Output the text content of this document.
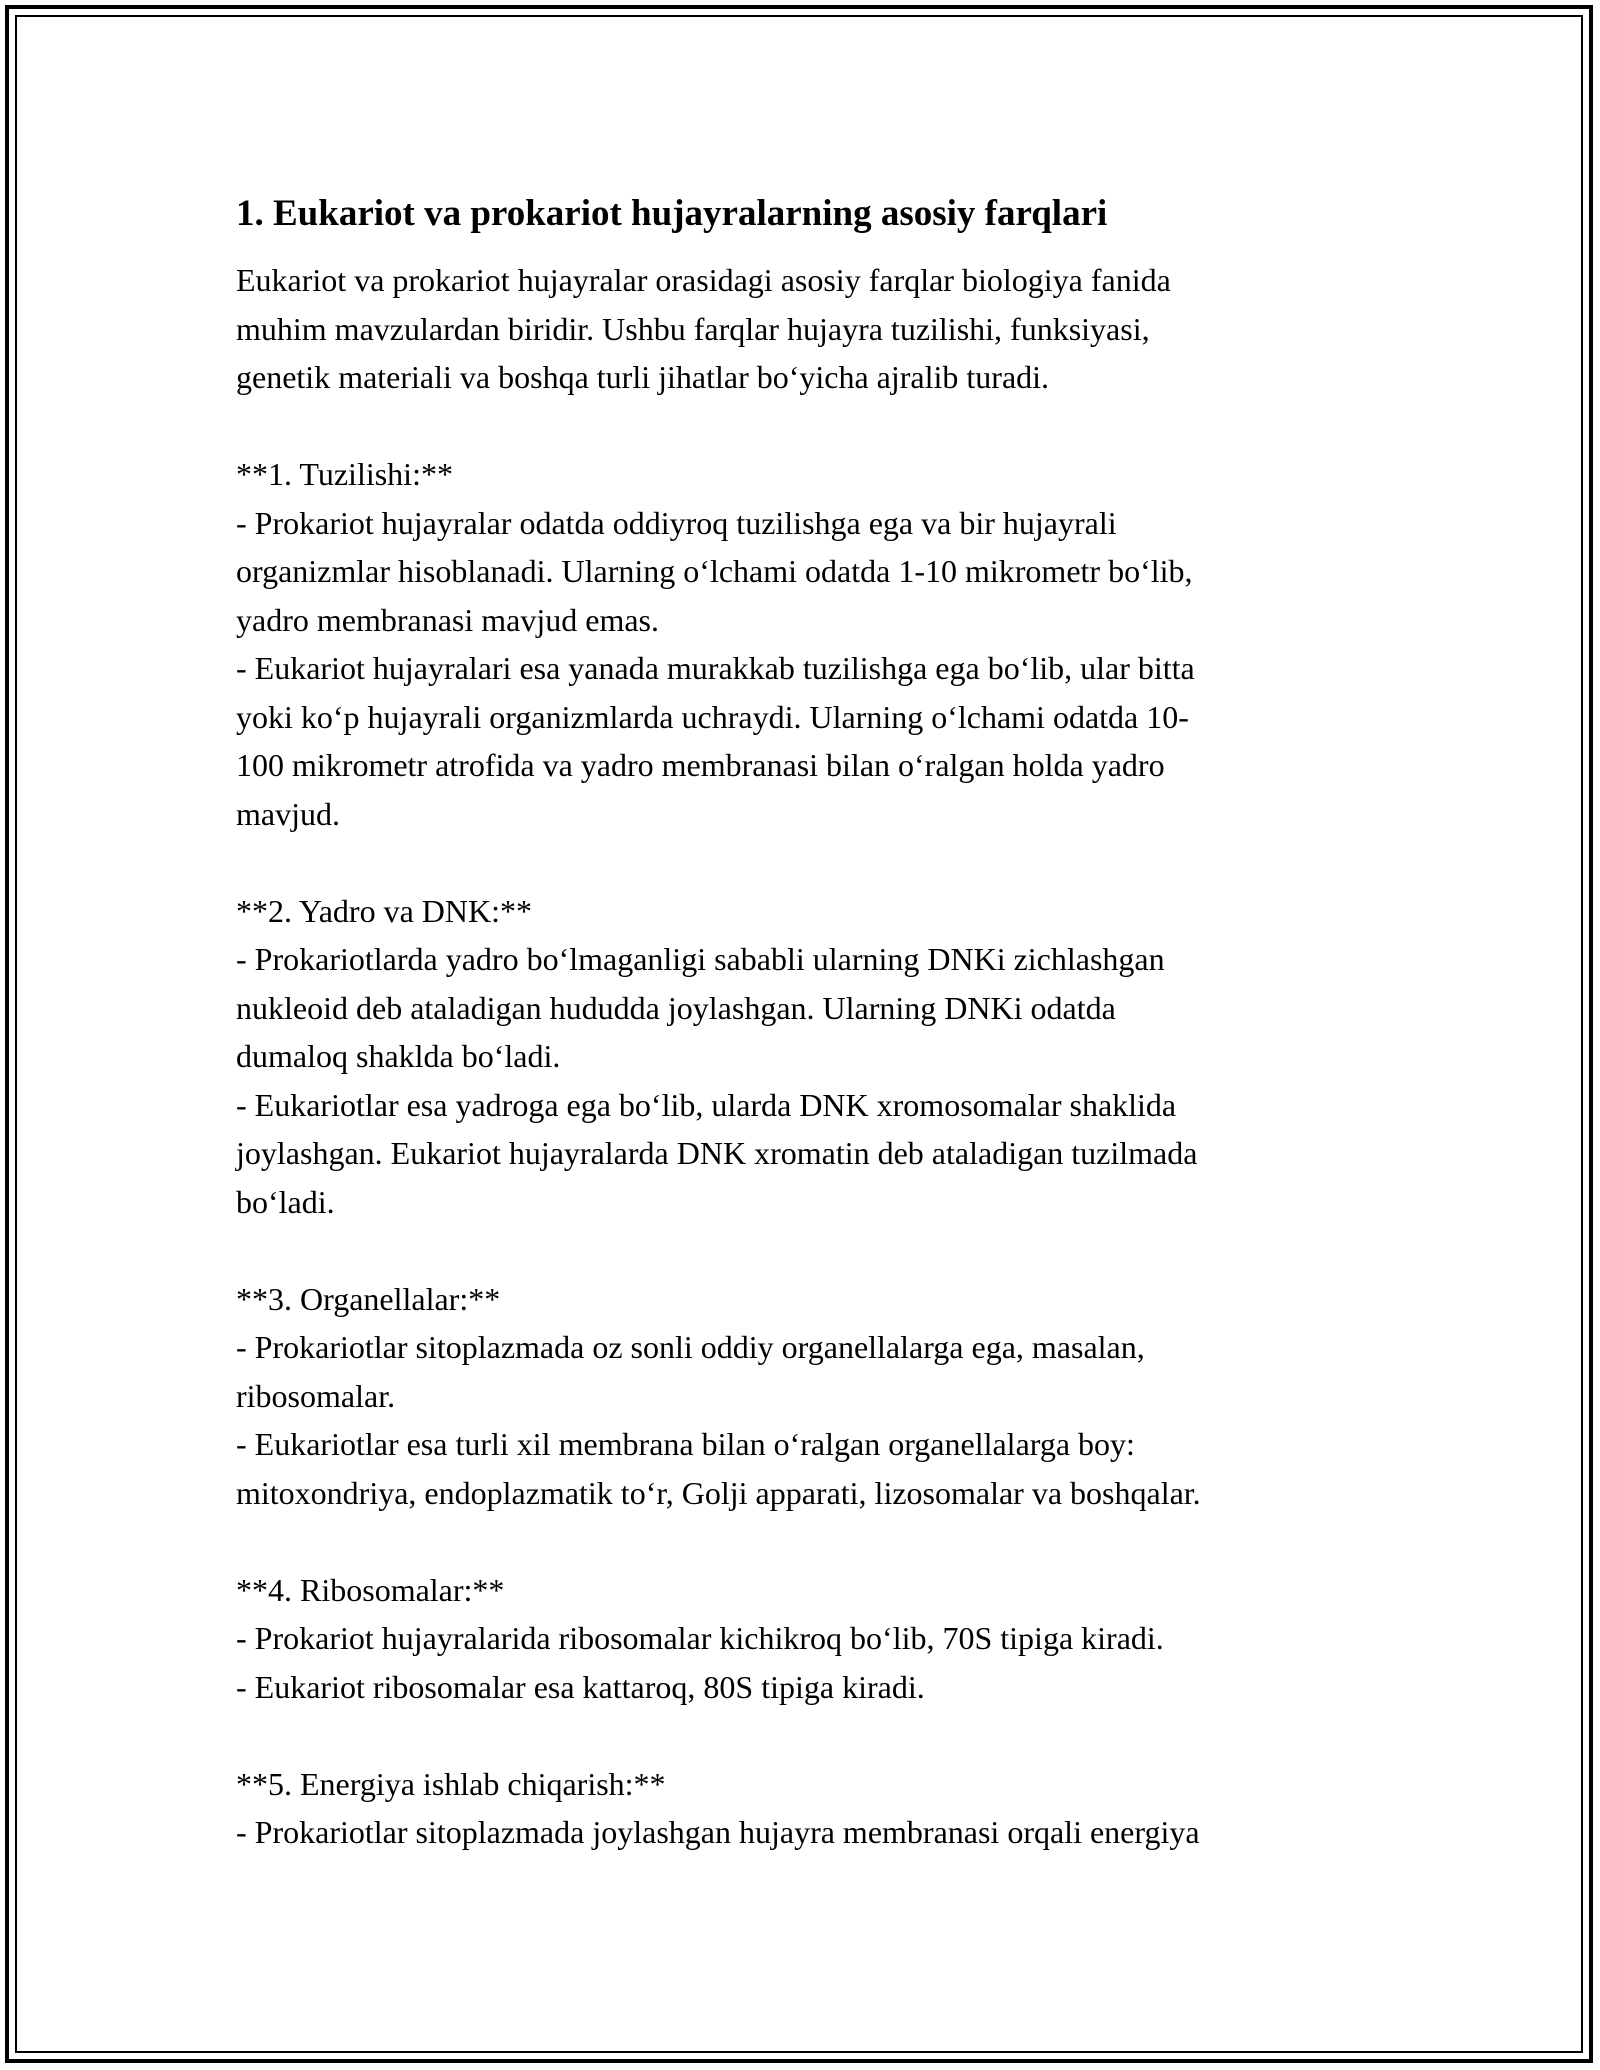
1. Eukariot va prokariot hujayralarning asosiy farqlari
Eukariot va prokariot hujayralar orasidagi asosiy farqlar biologiya fanida
muhim mavzulardan biridir. Ushbu farqlar hujayra tuzilishi, funksiyasi,
genetik materiali va boshqa turli jihatlar bo‘yicha ajralib turadi.
**1. Tuzilishi:**
- Prokariot hujayralar odatda oddiyroq tuzilishga ega va bir hujayrali
organizmlar hisoblanadi. Ularning o‘lchami odatda 1-10 mikrometr bo‘lib,
yadro membranasi mavjud emas.
- Eukariot hujayralari esa yanada murakkab tuzilishga ega bo‘lib, ular bitta
yoki ko‘p hujayrali organizmlarda uchraydi. Ularning o‘lchami odatda 10-
100 mikrometr atrofida va yadro membranasi bilan o‘ralgan holda yadro
mavjud.
**2. Yadro va DNK:**
- Prokariotlarda yadro bo‘lmaganligi sababli ularning DNKi zichlashgan
nukleoid deb ataladigan hududda joylashgan. Ularning DNKi odatda
dumaloq shaklda bo‘ladi.
- Eukariotlar esa yadroga ega bo‘lib, ularda DNK xromosomalar shaklida
joylashgan. Eukariot hujayralarda DNK xromatin deb ataladigan tuzilmada
bo‘ladi.
**3. Organellalar:**
- Prokariotlar sitoplazmada oz sonli oddiy organellalarga ega, masalan,
ribosomalar.
- Eukariotlar esa turli xil membrana bilan o‘ralgan organellalarga boy:
mitoxondriya, endoplazmatik to‘r, Golji apparati, lizosomalar va boshqalar.
**4. Ribosomalar:**
- Prokariot hujayralarida ribosomalar kichikroq bo‘lib, 70S tipiga kiradi.
- Eukariot ribosomalar esa kattaroq, 80S tipiga kiradi.
**5. Energiya ishlab chiqarish:**
- Prokariotlar sitoplazmada joylashgan hujayra membranasi orqali energiya
